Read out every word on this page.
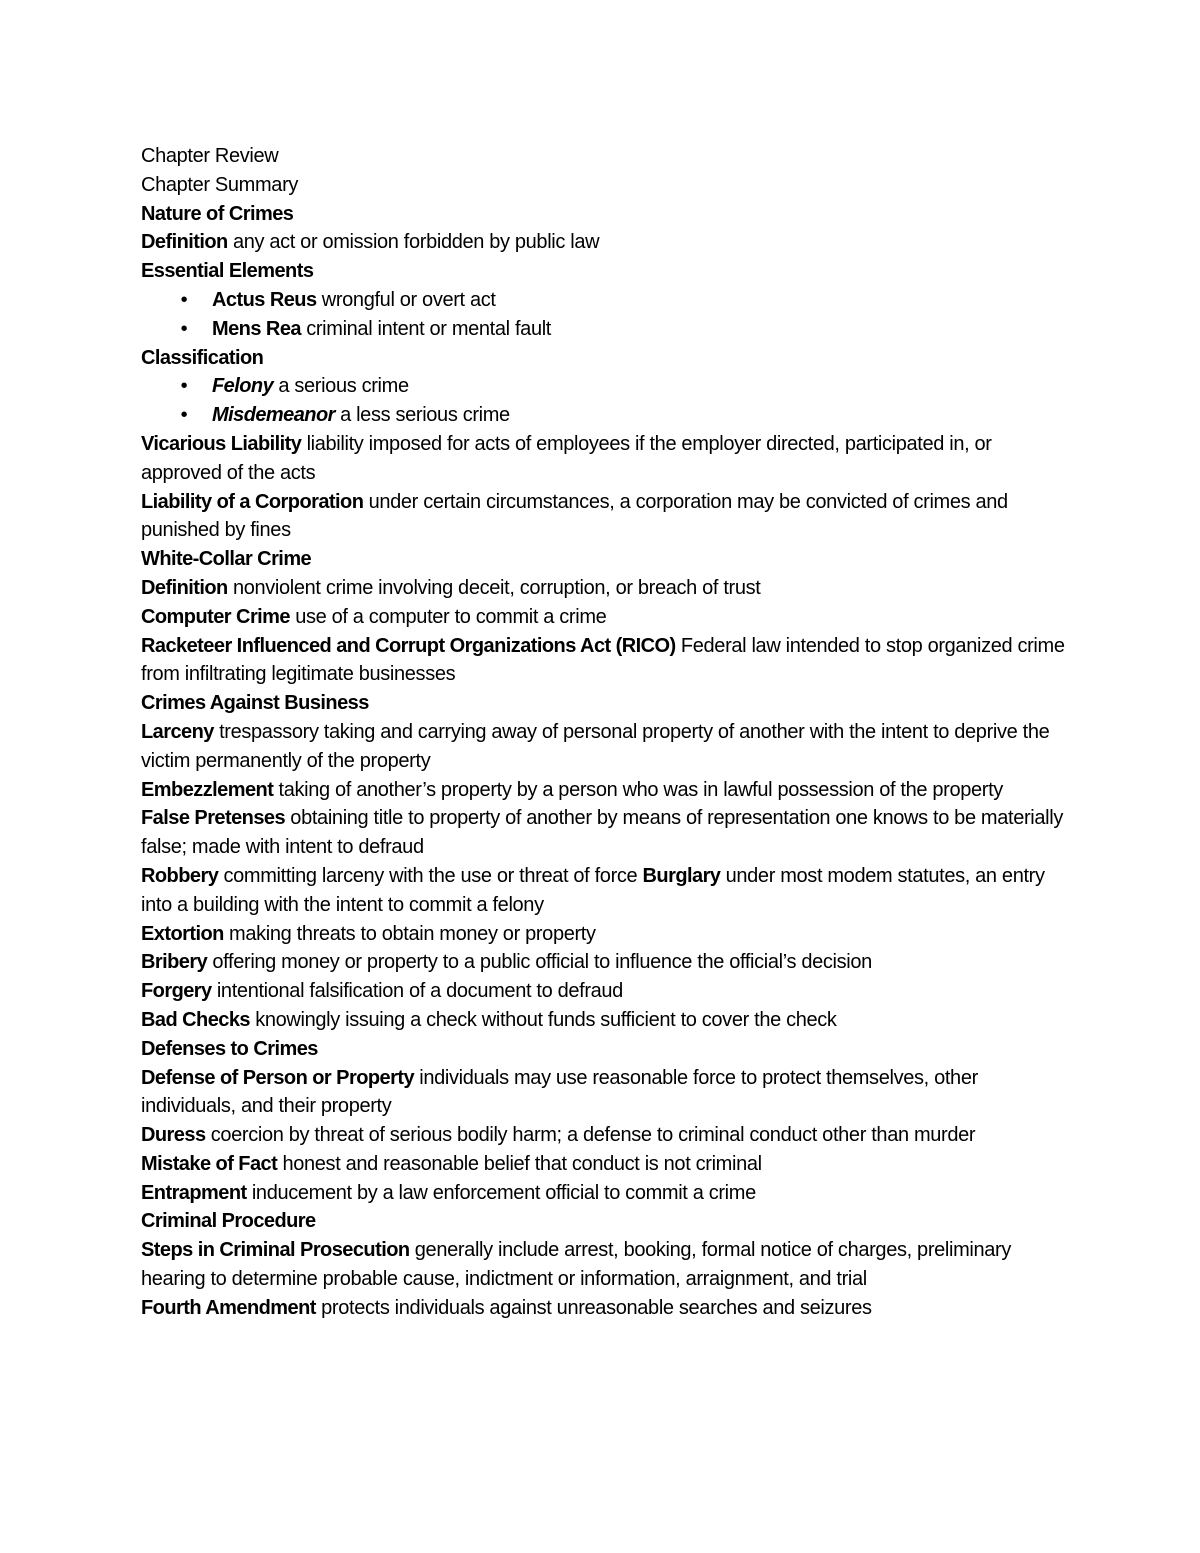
Chapter Review
Chapter Summary
Nature of Crimes
Definition any act or omission forbidden by public law
Essential Elements
•	Actus Reus wrongful or overt act
•	Mens Rea criminal intent or mental fault
Classification
•	Felony a serious crime
•	Misdemeanor a less serious crime
Vicarious Liability liability imposed for acts of employees if the employer directed, participated in, or approved of the acts
Liability of a Corporation under certain circumstances, a corporation may be convicted of crimes and punished by fines
White-Collar Crime
Definition nonviolent crime involving deceit, corruption, or breach of trust
Computer Crime use of a computer to commit a crime
Racketeer Influenced and Corrupt Organizations Act (RICO) Federal law intended to stop organized crime from infiltrating legitimate businesses
Crimes Against Business
Larceny trespassory taking and carrying away of personal property of another with the intent to deprive the victim permanently of the property
Embezzlement taking of another’s property by a person who was in lawful possession of the property
False Pretenses obtaining title to property of another by means of representation one knows to be materially false; made with intent to defraud
Robbery committing larceny with the use or threat of force Burglary under most modem statutes, an entry into a building with the intent to commit a felony
Extortion making threats to obtain money or property
Bribery offering money or property to a public official to influence the official’s decision
Forgery intentional falsification of a document to defraud
Bad Checks knowingly issuing a check without funds sufficient to cover the check
Defenses to Crimes
Defense of Person or Property individuals may use reasonable force to protect themselves, other individuals, and their property
Duress coercion by threat of serious bodily harm; a defense to criminal conduct other than murder
Mistake of Fact honest and reasonable belief that conduct is not criminal
Entrapment inducement by a law enforcement official to commit a crime
Criminal Procedure
Steps in Criminal Prosecution generally include arrest, booking, formal notice of charges, preliminary hearing to determine probable cause, indictment or information, arraignment, and trial
Fourth Amendment protects individuals against unreasonable searches and seizures
